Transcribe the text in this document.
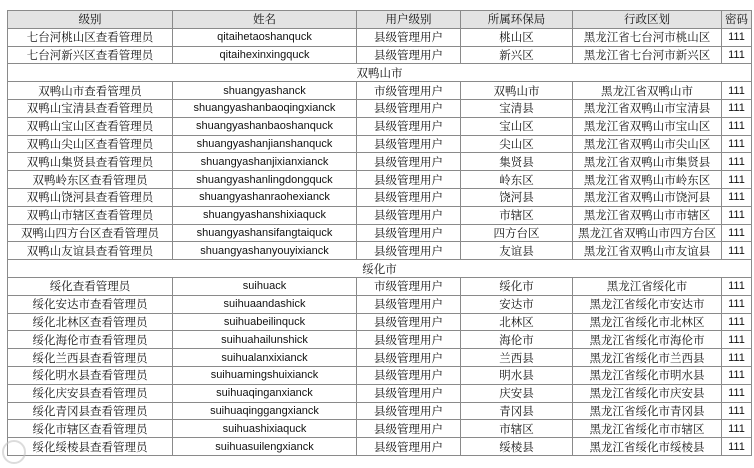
级别	姓名	用户级别	所属环保局	行政区划	密码
七台河桃山区查看管理员	qitaihetaoshanquck	县级管理用户	桃山区	黑龙江省七台河市桃山区	111
七台河新兴区查看管理员	qitaihexinxingquck	县级管理用户	新兴区	黑龙江省七台河市新兴区	111
双鸭山市					
双鸭山市查看管理员	shuangyashanck	市级管理用户	双鸭山市	黑龙江省双鸭山市	111
双鸭山宝清县查看管理员	shuangyashanbaoqingxianck	县级管理用户	宝清县	黑龙江省双鸭山市宝清县	111
双鸭山宝山区查看管理员	shuangyashanbaoshanquck	县级管理用户	宝山区	黑龙江省双鸭山市宝山区	111
双鸭山尖山区查看管理员	shuangyashanjianshanquck	县级管理用户	尖山区	黑龙江省双鸭山市尖山区	111
双鸭山集贤县查看管理员	shuangyashanjixianxianck	县级管理用户	集贤县	黑龙江省双鸭山市集贤县	111
双鸭岭东区查看管理员	shuangyashanlingdongquck	县级管理用户	岭东区	黑龙江省双鸭山市岭东区	111
双鸭山饶河县查看管理员	shuangyashanraohexianck	县级管理用户	饶河县	黑龙江省双鸭山市饶河县	111
双鸭山市辖区查看管理员	shuangyashanshixiaquck	县级管理用户	市辖区	黑龙江省双鸭山市市辖区	111
双鸭山四方台区查看管理员	shuangyashansifangtaiquck	县级管理用户	四方台区	黑龙江省双鸭山市四方台区	111
双鸭山友谊县查看管理员	shuangyashanyouyixianck	县级管理用户	友谊县	黑龙江省双鸭山市友谊县	111
绥化市					
绥化查看管理员	suihuack	市级管理用户	绥化市	黑龙江省绥化市	111
绥化安达市查看管理员	suihuaandashick	县级管理用户	安达市	黑龙江省绥化市安达市	111
绥化北林区查看管理员	suihuabeilinquck	县级管理用户	北林区	黑龙江省绥化市北林区	111
绥化海伦市查看管理员	suihuahailunshick	县级管理用户	海伦市	黑龙江省绥化市海伦市	111
绥化兰西县查看管理员	suihualanxixianck	县级管理用户	兰西县	黑龙江省绥化市兰西县	111
绥化明水县查看管理员	suihuamingshuixianck	县级管理用户	明水县	黑龙江省绥化市明水县	111
绥化庆安县查看管理员	suihuaqinganxianck	县级管理用户	庆安县	黑龙江省绥化市庆安县	111
绥化青冈县查看管理员	suihuaqinggangxianck	县级管理用户	青冈县	黑龙江省绥化市青冈县	111
绥化市辖区查看管理员	suihuashixiaquck	县级管理用户	市辖区	黑龙江省绥化市市辖区	111
绥化绥棱县查看管理员	suihuasuilengxianck	县级管理用户	绥棱县	黑龙江省绥化市绥棱县	111
